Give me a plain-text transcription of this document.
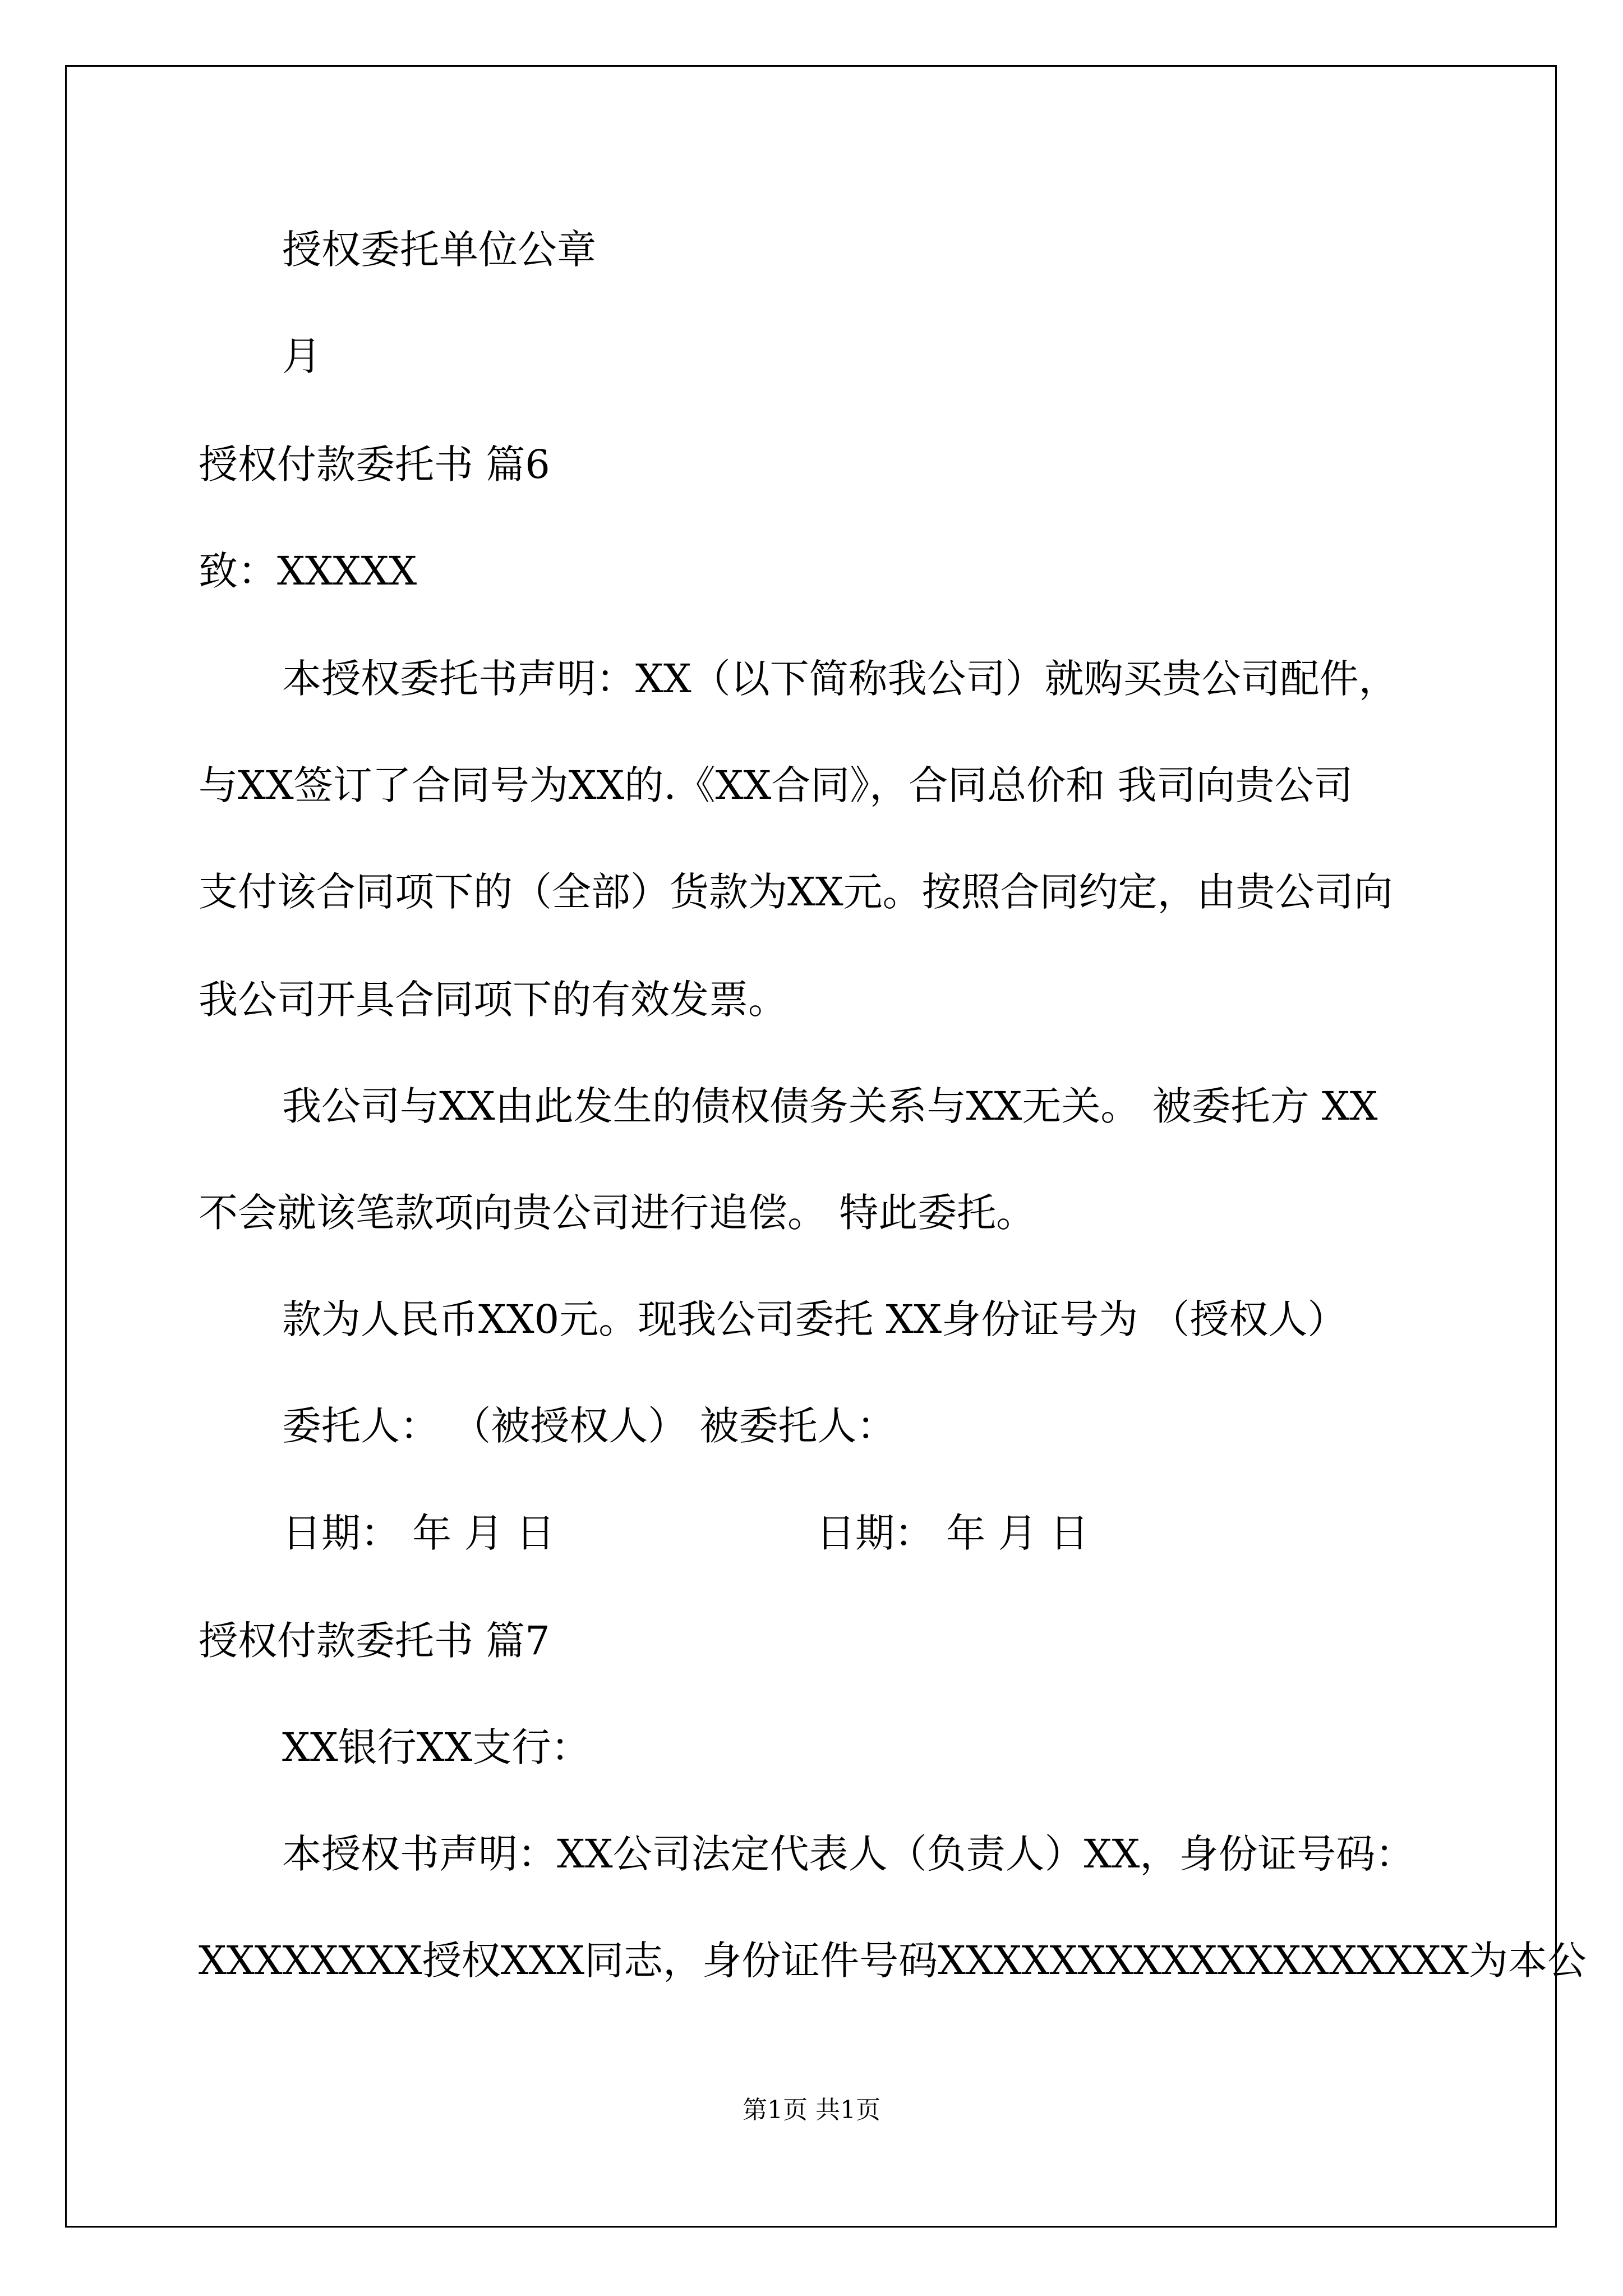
授权委托单位公章
月
授权付款委托书 篇6
致：XXXXX
本授权委托书声明：XX（以下简称我公司）就购买贵公司配件，
与XX签订了合同号为XX的.《XX合同》，合同总价和 我司向贵公司
支付该合同项下的（全部）货款为XX元。按照合同约定，由贵公司向
我公司开具合同项下的有效发票。
我公司与XX由此发生的债权债务关系与XX无关。 被委托方 XX
不会就该笔款项向贵公司进行追偿。 特此委托。
款为人民币XX0元。现我公司委托 XX身份证号为 （授权人）
委托人： （被授权人） 被委托人：
日期： 年 月 日	日期： 年 月 日
授权付款委托书 篇7
XX银行XX支行：
本授权书声明：XX公司法定代表人（负责人）XX，身份证号码：
XXXXXXXX授权XXX同志，身份证件号码XXXXXXXXXXXXXXXXXXX为本公
第1页 共1页
